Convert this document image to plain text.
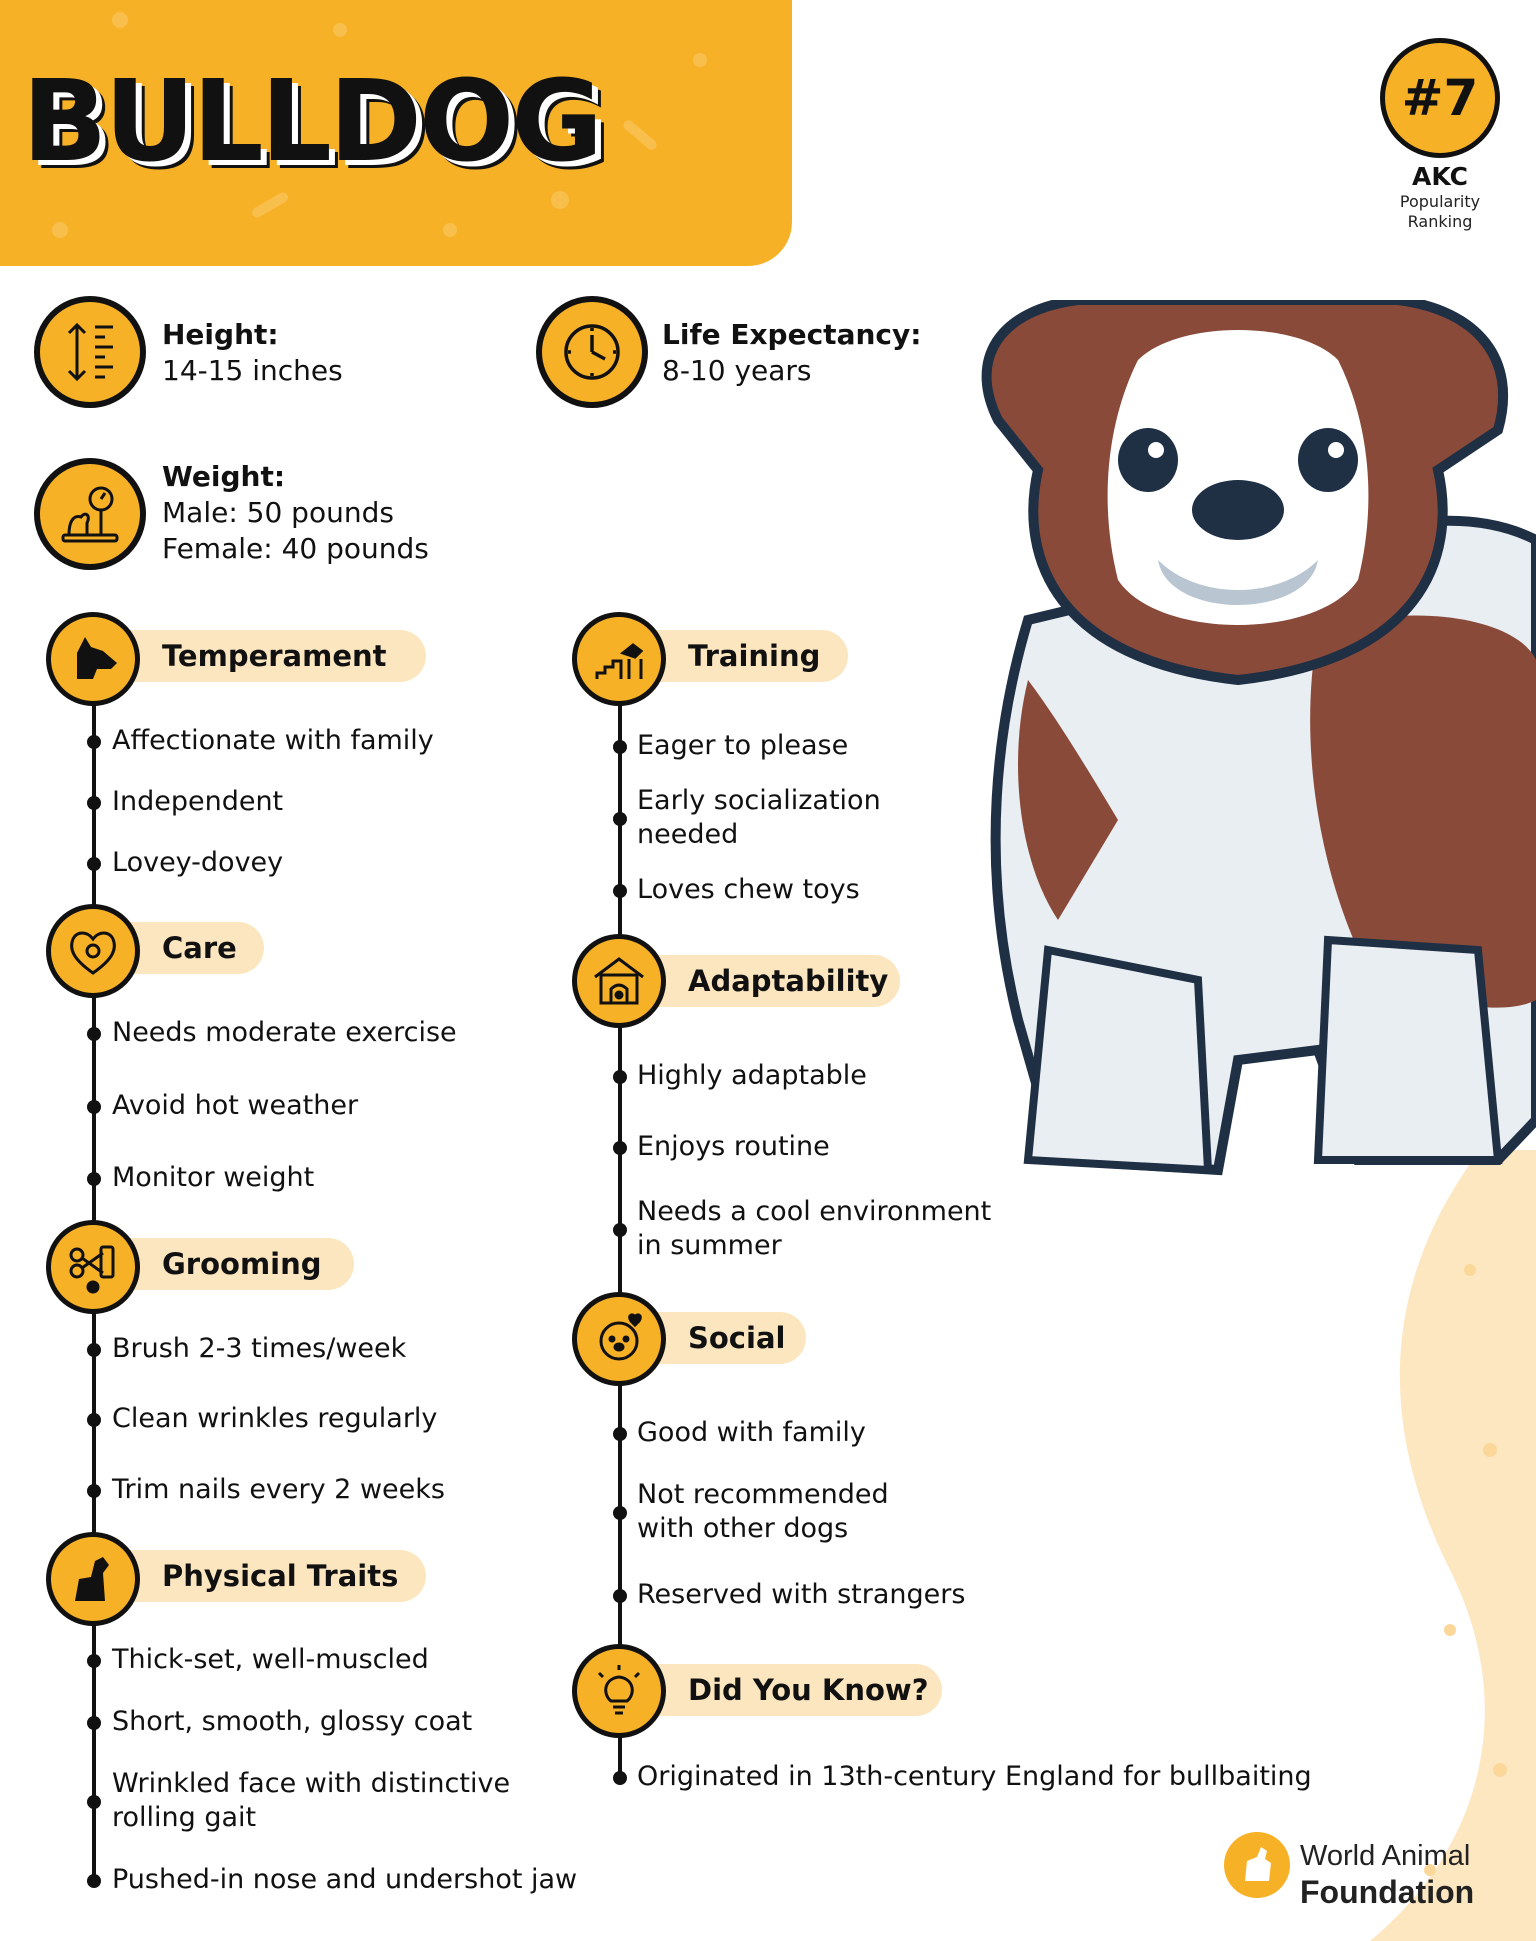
BULLDOG	#7
AKC
Popularity
Ranking
Height:
14-15 inches
Life Expectancy:
8-10 years
Weight:
Male: 50 pounds
Female: 40 pounds
Temperament
Affectionate with family
Independent
Lovey-dovey
Care
Needs moderate exercise
Avoid hot weather
Monitor weight
Grooming
Brush 2-3 times/week
Clean wrinkles regularly
Trim nails every 2 weeks
Physical Traits
Thick-set, well-muscled
Short, smooth, glossy coat
Wrinkled face with distinctive
rolling gait
Pushed-in nose and undershot jaw
Training
Eager to please
Early socialization
needed
Loves chew toys
Adaptability
Highly adaptable
Enjoys routine
Needs a cool environment
in summer
Social
Good with family
Not recommended
with other dogs
Reserved with strangers
Did You Know?
Originated in 13th-century England for bullbaiting
World Animal
Foundation
